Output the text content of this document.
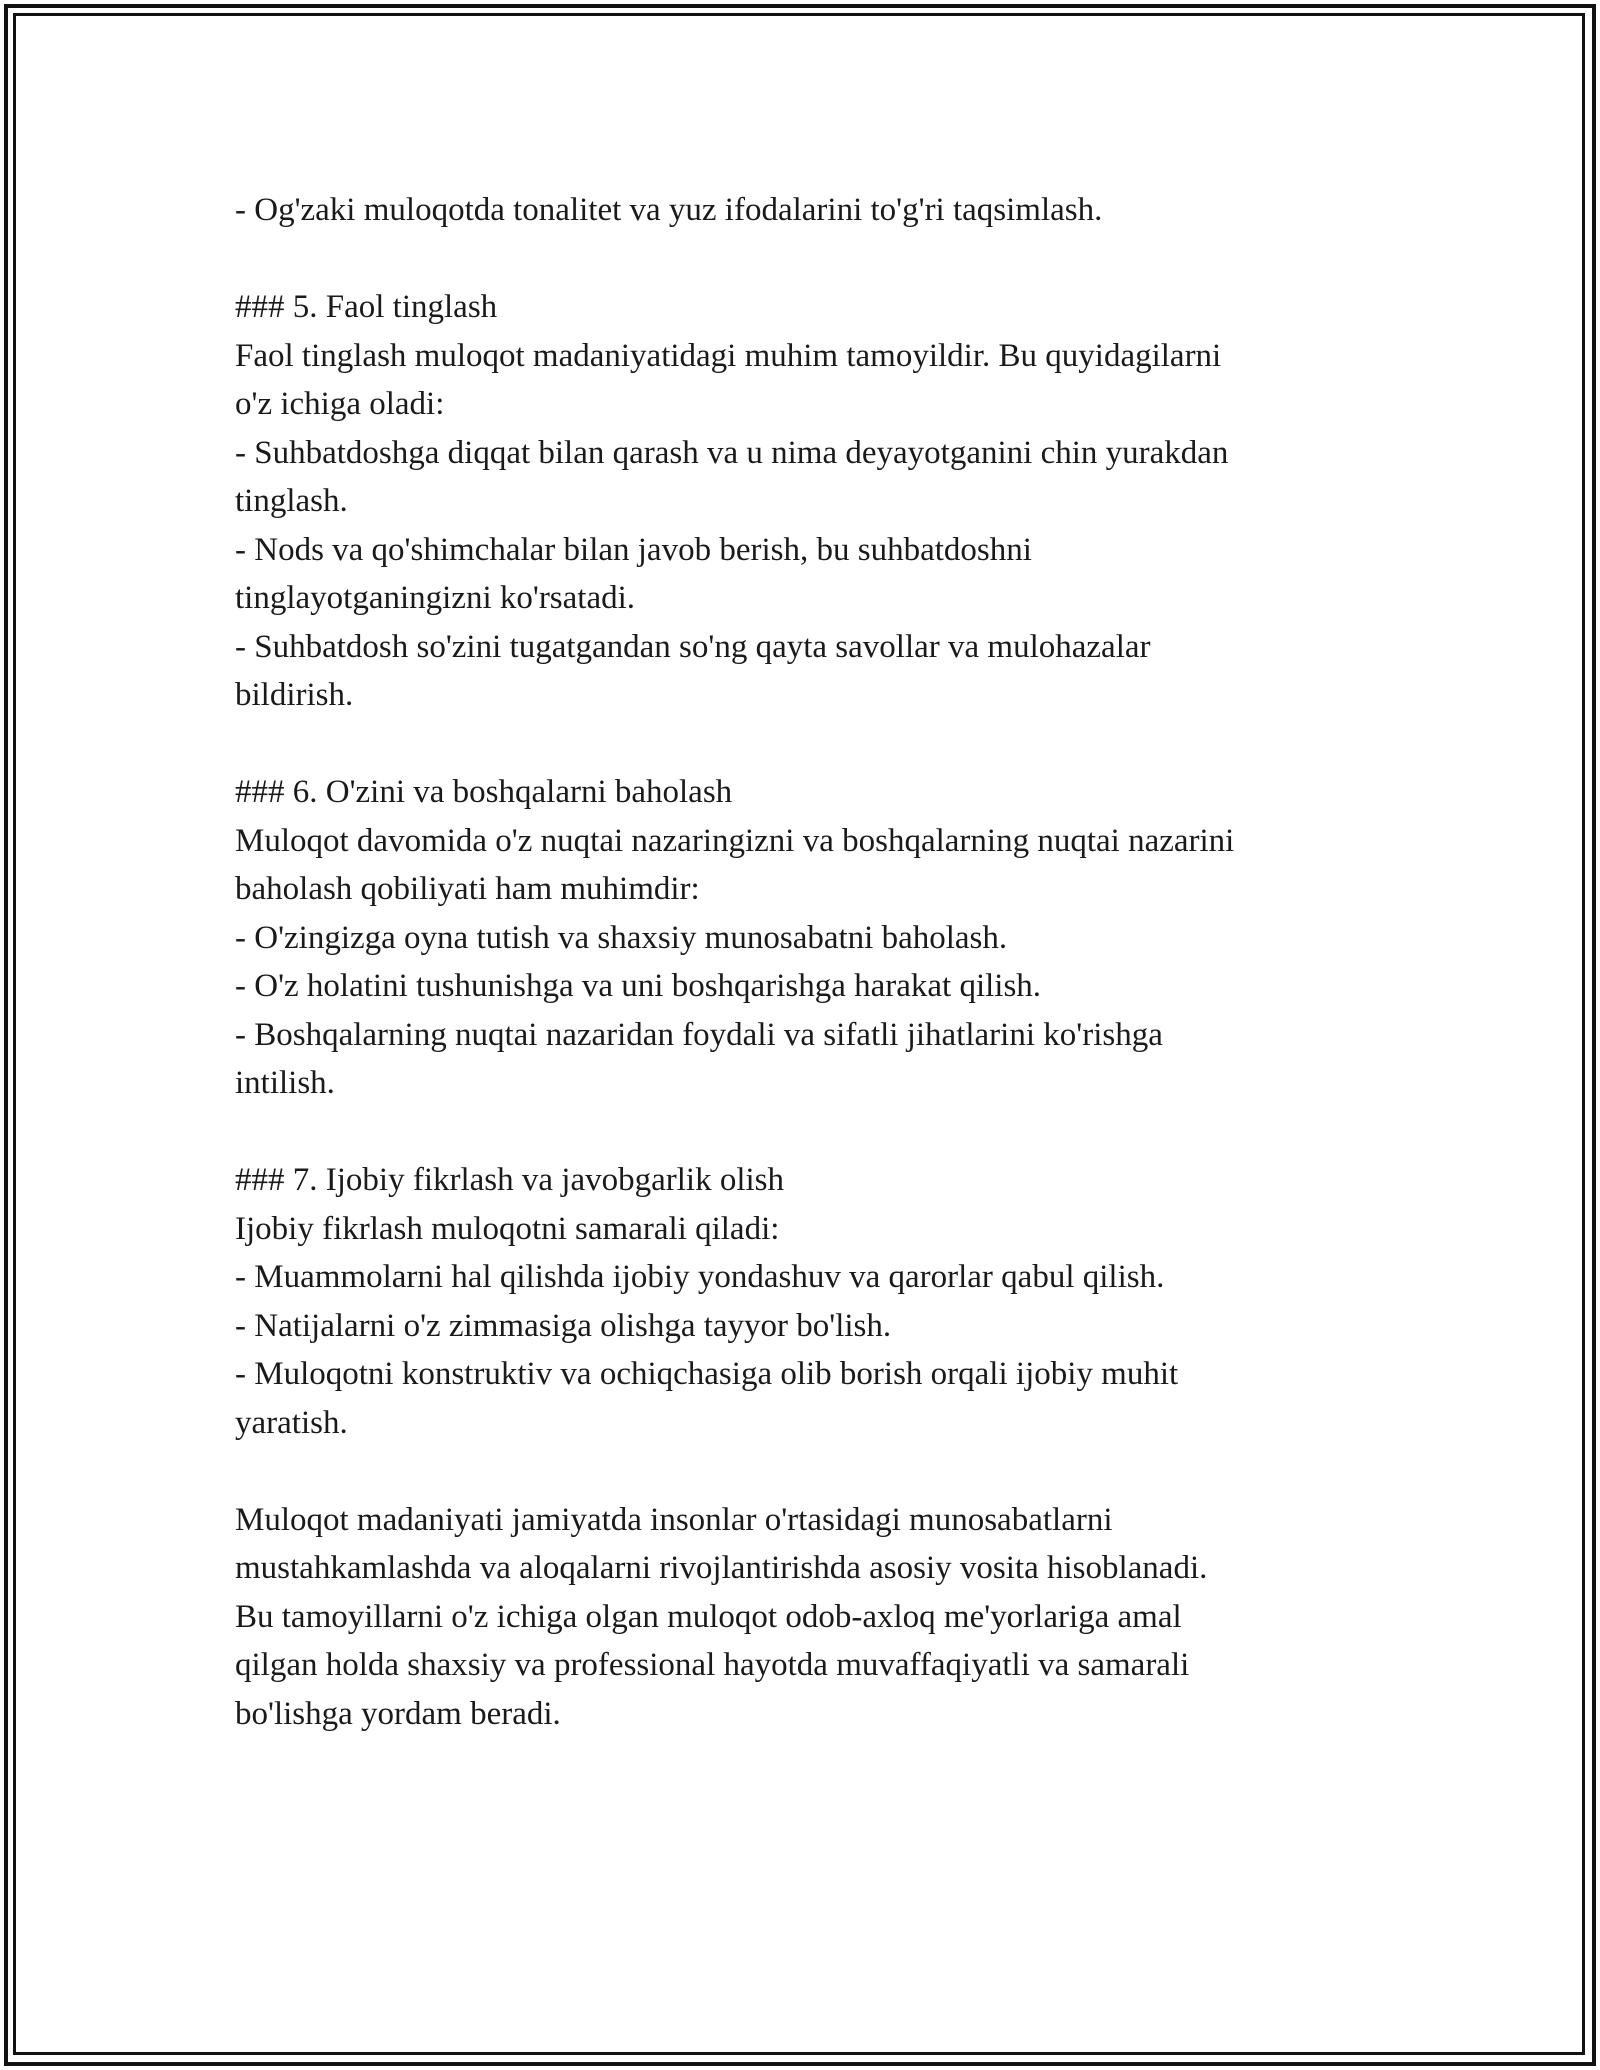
- Og'zaki muloqotda tonalitet va yuz ifodalarini to'g'ri taqsimlash.
### 5. Faol tinglash
Faol tinglash muloqot madaniyatidagi muhim tamoyildir. Bu quyidagilarni
o'z ichiga oladi:
- Suhbatdoshga diqqat bilan qarash va u nima deyayotganini chin yurakdan
tinglash.
- Nods va qo'shimchalar bilan javob berish, bu suhbatdoshni
tinglayotganingizni ko'rsatadi.
- Suhbatdosh so'zini tugatgandan so'ng qayta savollar va mulohazalar
bildirish.
### 6. O'zini va boshqalarni baholash
Muloqot davomida o'z nuqtai nazaringizni va boshqalarning nuqtai nazarini
baholash qobiliyati ham muhimdir:
- O'zingizga oyna tutish va shaxsiy munosabatni baholash.
- O'z holatini tushunishga va uni boshqarishga harakat qilish.
- Boshqalarning nuqtai nazaridan foydali va sifatli jihatlarini ko'rishga
intilish.
### 7. Ijobiy fikrlash va javobgarlik olish
Ijobiy fikrlash muloqotni samarali qiladi:
- Muammolarni hal qilishda ijobiy yondashuv va qarorlar qabul qilish.
- Natijalarni o'z zimmasiga olishga tayyor bo'lish.
- Muloqotni konstruktiv va ochiqchasiga olib borish orqali ijobiy muhit
yaratish.
Muloqot madaniyati jamiyatda insonlar o'rtasidagi munosabatlarni
mustahkamlashda va aloqalarni rivojlantirishda asosiy vosita hisoblanadi.
Bu tamoyillarni o'z ichiga olgan muloqot odob-axloq me'yorlariga amal
qilgan holda shaxsiy va professional hayotda muvaffaqiyatli va samarali
bo'lishga yordam beradi.
